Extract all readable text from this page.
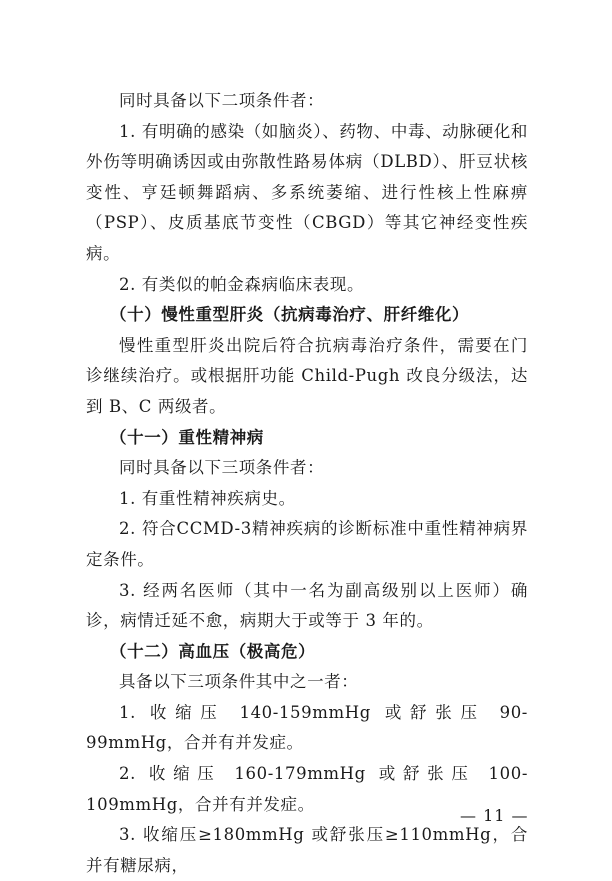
同时具备以下二项条件者：

1. 有明确的感染（如脑炎）、药物、中毒、动脉硬化和外伤等明确诱因或由弥散性路易体病（DLBD）、肝豆状核变性、亨廷顿舞蹈病、多系统萎缩、进行性核上性麻痹（PSP）、皮质基底节变性（CBGD）等其它神经变性疾病。

2. 有类似的帕金森病临床表现。

（十）慢性重型肝炎（抗病毒治疗、肝纤维化）

慢性重型肝炎出院后符合抗病毒治疗条件，需要在门诊继续治疗。或根据肝功能 Child-Pugh 改良分级法，达到 B、C 两级者。

（十一）重性精神病

同时具备以下三项条件者：

1. 有重性精神疾病史。

2. 符合CCMD-3精神疾病的诊断标准中重性精神病界定条件。

3. 经两名医师（其中一名为副高级别以上医师）确诊，病情迁延不愈，病期大于或等于 3 年的。

（十二）高血压（极高危）

具备以下三项条件其中之一者：

1. 收缩压 140-159mmHg 或舒张压 90-99mmHg，合并有并发症。

2. 收缩压 160-179mmHg 或舒张压 100-109mmHg，合并有并发症。

3. 收缩压≥180mmHg 或舒张压≥110mmHg，合并有糖尿病，

— 11 —
